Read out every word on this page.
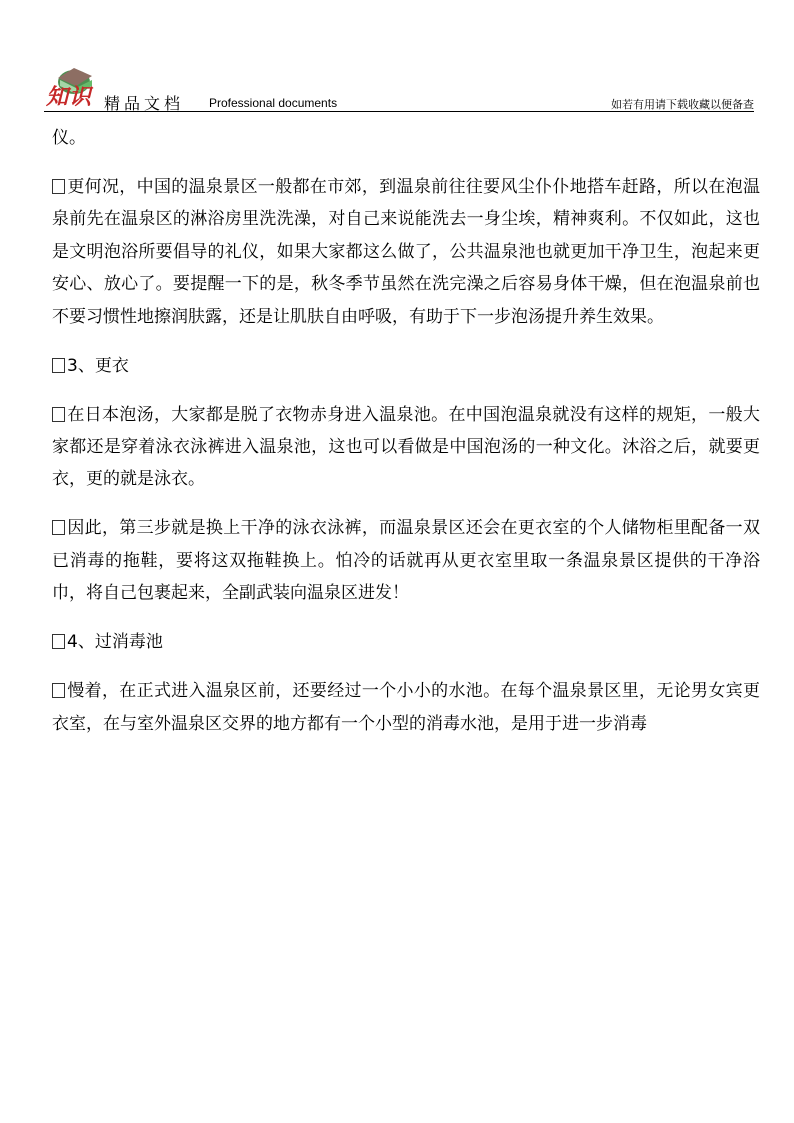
知识 精品文档 Professional documents	如若有用请下载收藏以便备查

仪。

更何况，中国的温泉景区一般都在市郊，到温泉前往往要风尘仆仆地搭车赶路，所以在泡温泉前先在温泉区的淋浴房里洗洗澡，对自己来说能洗去一身尘埃，精神爽利。不仅如此，这也是文明泡浴所要倡导的礼仪，如果大家都这么做了，公共温泉池也就更加干净卫生，泡起来更安心、放心了。要提醒一下的是，秋冬季节虽然在洗完澡之后容易身体干燥，但在泡温泉前也不要习惯性地擦润肤露，还是让肌肤自由呼吸，有助于下一步泡汤提升养生效果。

3、更衣

在日本泡汤，大家都是脱了衣物赤身进入温泉池。在中国泡温泉就没有这样的规矩，一般大家都还是穿着泳衣泳裤进入温泉池，这也可以看做是中国泡汤的一种文化。沐浴之后，就要更衣，更的就是泳衣。

因此，第三步就是换上干净的泳衣泳裤，而温泉景区还会在更衣室的个人储物柜里配备一双已消毒的拖鞋，要将这双拖鞋换上。怕冷的话就再从更衣室里取一条温泉景区提供的干净浴巾，将自己包裹起来，全副武装向温泉区进发！

4、过消毒池

慢着，在正式进入温泉区前，还要经过一个小小的水池。在每个温泉景区里，无论男女宾更衣室，在与室外温泉区交界的地方都有一个小型的消毒水池，是用于进一步消毒
